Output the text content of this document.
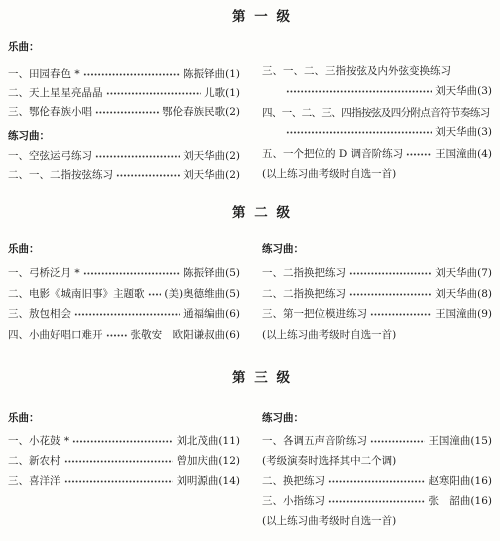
第 一 级
乐曲：
一、田园春色 *	陈振铎曲(1)
二、天上星星亮晶晶	儿歌(1)
三、鄂伦春族小唱	鄂伦春族民歌(2)
练习曲：
一、空弦运弓练习	刘天华曲(2)
二、一、二指按弦练习	刘天华曲(2)
三、一、二、三指按弦及内外弦变换练习
刘天华曲(3)
四、一、二、三、四指按弦及四分附点音符节奏练习
刘天华曲(3)
五、一个把位的 D 调音阶练习	王国潼曲(4)
(以上练习曲考级时自选一首)
第 二 级
乐曲：	练习曲：
一、弓桥泛月 *	陈振铎曲(5)
二、电影《城南旧事》主题歌 (美)奥德维曲(5)
三、敖包相会	通福编曲(6)
四、小曲好唱口难开	张敬安　欧阳谦叔曲(6)
一、二指换把练习	刘天华曲(7)
二、二指换把练习	刘天华曲(8)
三、第一把位模进练习	王国潼曲(9)
(以上练习曲考级时自选一首)
第 三 级
乐曲：	练习曲：
一、小花鼓 *	刘北茂曲(11)
二、新农村	曾加庆曲(12)
三、喜洋洋	刘明源曲(14)
一、各调五声音阶练习	王国潼曲(15)
(考级演奏时选择其中二个调)
二、换把练习	赵寒阳曲(16)
三、小指练习	张　韶曲(16)
(以上练习曲考级时自选一首)
